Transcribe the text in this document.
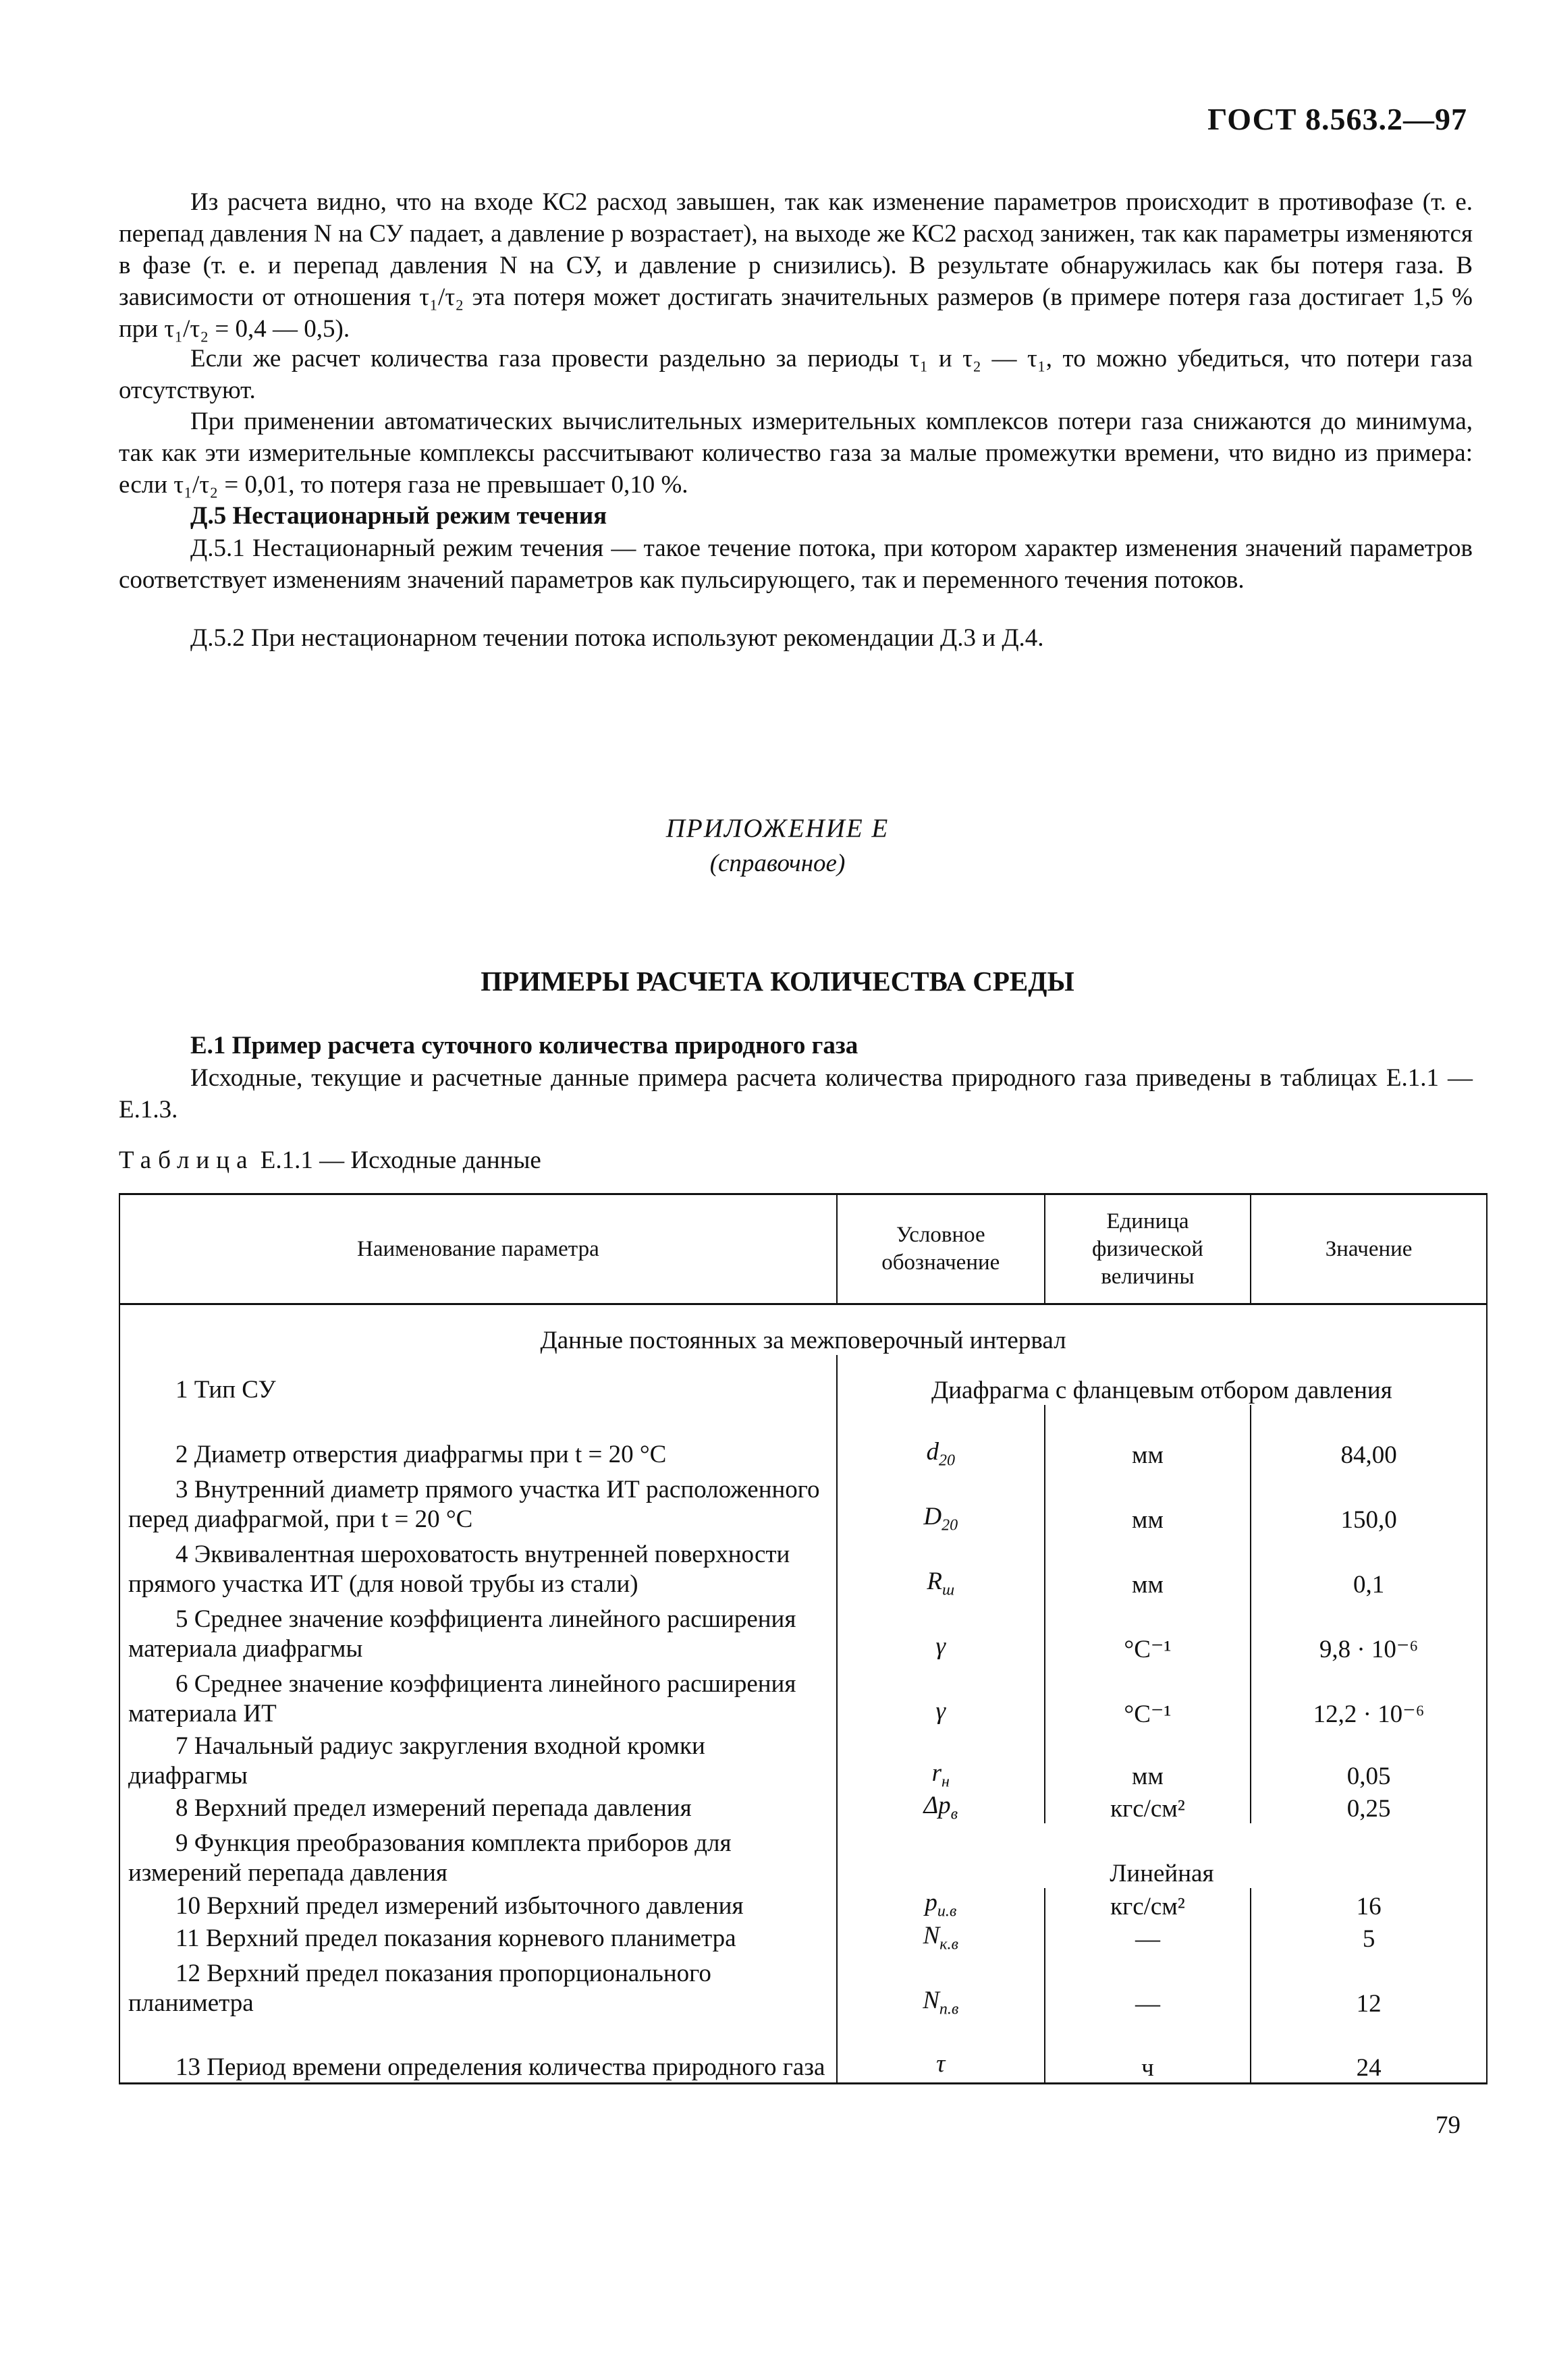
ГОСТ 8.563.2—97
Из расчета видно, что на входе КС2 расход завышен, так как изменение параметров происходит в противофазе (т. е. перепад давления N на СУ падает, а давление p возрастает), на выходе же КС2 расход занижен, так как параметры изменяются в фазе (т. е. и перепад давления N на СУ, и давление p снизились). В результате обнаружилась как бы потеря газа. В зависимости от отношения τ₁/τ₂ эта потеря может достигать значительных размеров (в примере потеря газа достигает 1,5 % при τ₁/τ₂ = 0,4 — 0,5).
Если же расчет количества газа провести раздельно за периоды τ₁ и τ₂ — τ₁, то можно убедиться, что потери газа отсутствуют.
При применении автоматических вычислительных измерительных комплексов потери газа снижаются до минимума, так как эти измерительные комплексы рассчитывают количество газа за малые промежутки времени, что видно из примера: если τ₁/τ₂ = 0,01, то потеря газа не превышает 0,10 %.
Д.5 Нестационарный режим течения
Д.5.1 Нестационарный режим течения — такое течение потока, при котором характер изменения значений параметров соответствует изменениям значений параметров как пульсирующего, так и переменного течения потоков.
Д.5.2 При нестационарном течении потока используют рекомендации Д.3 и Д.4.
ПРИЛОЖЕНИЕ Е
(справочное)
ПРИМЕРЫ РАСЧЕТА КОЛИЧЕСТВА СРЕДЫ
Е.1 Пример расчета суточного количества природного газа
Исходные, текущие и расчетные данные примера расчета количества природного газа приведены в таблицах Е.1.1 — Е.1.3.
Таблица Е.1.1 — Исходные данные
Наименование параметра	Условное обозначение	Единица физической величины	Значение
Данные постоянных за межповерочный интервал			
1 Тип СУ	Диафрагма с фланцевым отбором давления		
2 Диаметр отверстия диафрагмы при t = 20 °С	$d_{20}$	мм	84,00
3 Внутренний диаметр прямого участка ИТ расположенного перед диафрагмой, при t = 20 °С	$D_{20}$	мм	150,0
4 Эквивалентная шероховатость внутренней поверхности прямого участка ИТ (для новой трубы из стали)	$R_ш$	мм	0,1
5 Среднее значение коэффициента линейного расширения материала диафрагмы	γ	°С⁻¹	9,8 · 10⁻⁶
6 Среднее значение коэффициента линейного расширения материала ИТ	γ	°С⁻¹	12,2 · 10⁻⁶
7 Начальный радиус закругления входной кромки диафрагмы	$r_н$	мм	0,05
8 Верхний предел измерений перепада давления	$\Delta p_в$	кгс/см²	0,25
9 Функция преобразования комплекта приборов для измерений перепада давления	Линейная		
10 Верхний предел измерений избыточного давления	$p_{и.в}$	кгс/см²	16
11 Верхний предел показания корневого планиметра	$N_{к.в}$	—	5
12 Верхний предел показания пропорционального планиметра	$N_{п.в}$	—	12
13 Период времени определения количества природного газа	τ	ч	24
79
